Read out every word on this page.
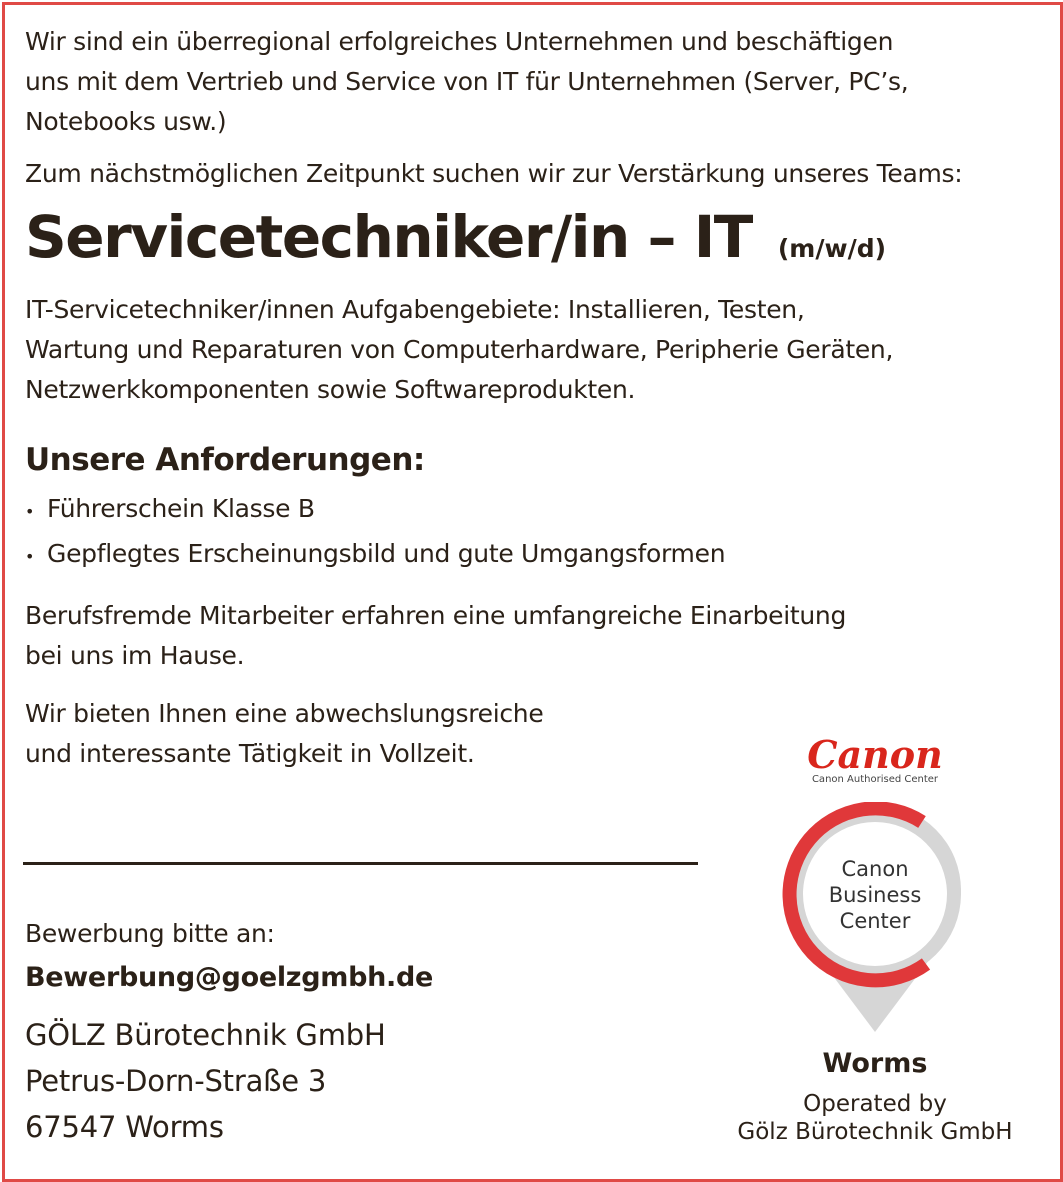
Wir sind ein überregional erfolgreiches Unternehmen und beschäftigen

uns mit dem Vertrieb und Service von IT für Unternehmen (Server, PC’s,

Notebooks usw.)

Zum nächstmöglichen Zeitpunkt suchen wir zur Verstärkung unseres Teams:

Servicetechniker/in – IT (m/w/d)

IT-Servicetechniker/innen Aufgabengebiete: Installieren, Testen,

Wartung und Reparaturen von Computerhardware, Peripherie Geräten,

Netzwerkkomponenten sowie Softwareprodukten.

Unsere Anforderungen:
• Führerschein Klasse B
• Gepflegtes Erscheinungsbild und gute Umgangsformen

Berufsfremde Mitarbeiter erfahren eine umfangreiche Einarbeitung

bei uns im Hause.

Wir bieten Ihnen eine abwechslungsreiche

und interessante Tätigkeit in Vollzeit.

Bewerbung bitte an:

Bewerbung@goelzgmbh.de

GÖLZ Bürotechnik GmbH

Petrus-Dorn-Straße 3

67547 Worms

Canon
Canon Authorised Center
Canon
Business
Center
Worms
Operated by
Gölz Bürotechnik GmbH
